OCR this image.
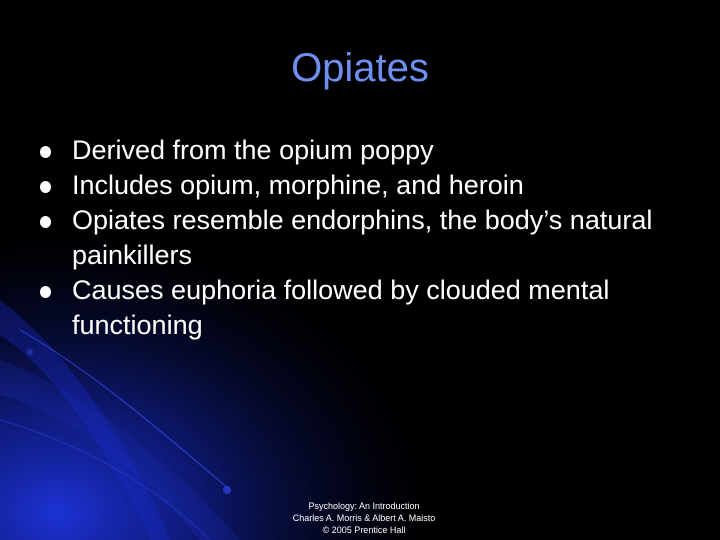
Opiates
Derived from the opium poppy
Includes opium, morphine, and heroin
Opiates resemble endorphins, the body’s natural painkillers
Causes euphoria followed by clouded mental functioning
Psychology: An Introduction
Charles A. Morris & Albert A. Maisto
© 2005 Prentice Hall
